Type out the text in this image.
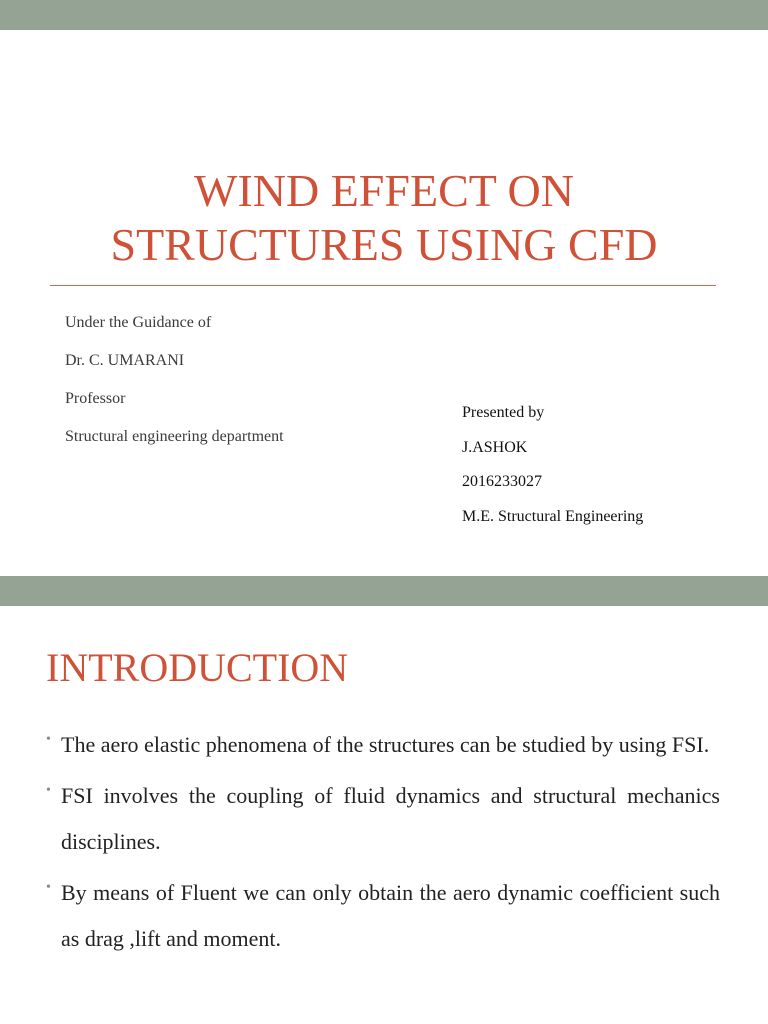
WIND EFFECT ON
STRUCTURES USING CFD
Under the Guidance of
Dr. C. UMARANI
Professor
Structural engineering department
Presented by
J.ASHOK
2016233027
M.E. Structural Engineering
INTRODUCTION
• The aero elastic phenomena of the structures can be studied by using FSI.
• FSI involves the coupling of fluid dynamics and structural mechanics disciplines.
• By means of Fluent we can only obtain the aero dynamic coefficient such as drag ,lift and moment.
